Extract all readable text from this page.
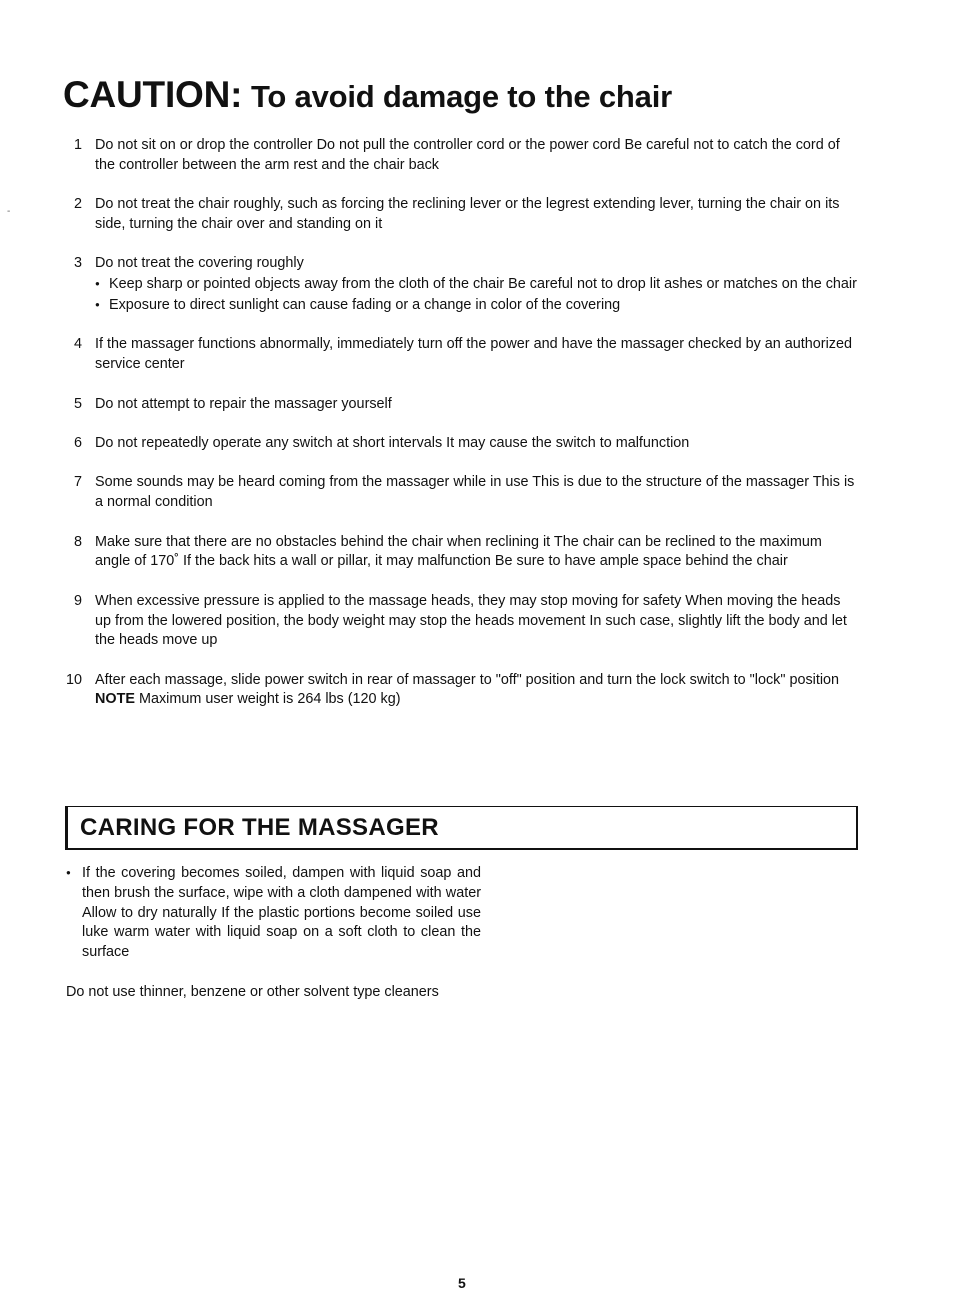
CAUTION: To avoid damage to the chair
-
1 Do not sit on or drop the controller Do not pull the controller cord or the power cord Be careful not to catch the cord of the controller between the arm rest and the chair back
2 Do not treat the chair roughly, such as forcing the reclining lever or the legrest extending lever, turning the chair on its side, turning the chair over and standing on it
3 Do not treat the covering roughly
● Keep sharp or pointed objects away from the cloth of the chair Be careful not to drop lit ashes or matches on the chair
● Exposure to direct sunlight can cause fading or a change in color of the covering
4 If the massager functions abnormally, immediately turn off the power and have the massager checked by an authorized service center
5 Do not attempt to repair the massager yourself
6 Do not repeatedly operate any switch at short intervals It may cause the switch to malfunction
7 Some sounds may be heard coming from the massager while in use This is due to the structure of the massager This is a normal condition
8 Make sure that there are no obstacles behind the chair when reclining it The chair can be reclined to the maximum angle of 170˚ If the back hits a wall or pillar, it may malfunction Be sure to have ample space behind the chair
9 When excessive pressure is applied to the massage heads, they may stop moving for safety When moving the heads up from the lowered position, the body weight may stop the heads movement In such case, slightly lift the body and let the heads move up
10 After each massage, slide power switch in rear of massager to "off" position and turn the lock switch to "lock" position
NOTE Maximum user weight is 264 lbs (120 kg)
CARING FOR THE MASSAGER
● If the covering becomes soiled, dampen with liquid soap and then brush the surface, wipe with a cloth dampened with water Allow to dry naturally If the plastic portions become soiled use luke warm water with liquid soap on a soft cloth to clean the surface
Do not use thinner, benzene or other solvent type cleaners
5
